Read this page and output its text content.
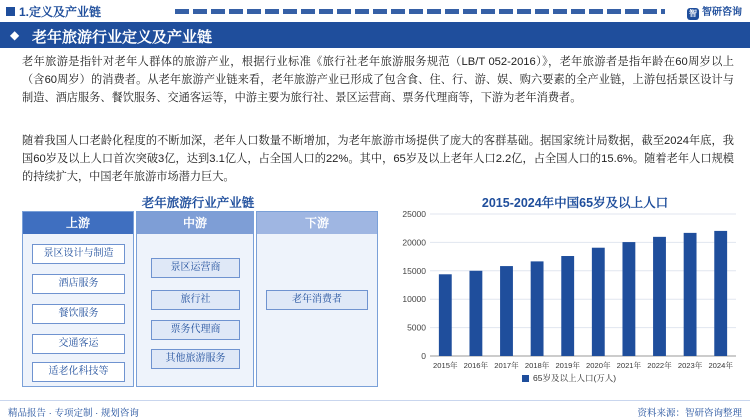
1.定义及产业链	智 智研咨询
◆ 老年旅游行业定义及产业链
老年旅游是指针对老年人群体的旅游产业，根据行业标准《旅行社老年旅游服务规范（LB/T 052-2016）》，老年旅游者是指年龄在60周岁以上（含60周岁）的消费者。从老年旅游产业链来看，老年旅游产业已形成了包含食、住、行、游、娱、购六要素的全产业链，上游包括景区设计与制造、酒店服务、餐饮服务、交通客运等，中游主要为旅行社、景区运营商、票务代理商等，下游为老年消费者。
随着我国人口老龄化程度的不断加深，老年人口数量不断增加，为老年旅游市场提供了庞大的客群基础。据国家统计局数据，截至2024年底，我国60岁及以上人口首次突破3亿，达到3.1亿人，占全国人口的22%。其中，65岁及以上老年人口2.2亿，占全国人口的15.6%。随着老年人口规模的持续扩大，中国老年旅游市场潜力巨大。
老年旅游行业产业链	2015-2024年中国65岁及以上人口
上游
景区设计与制造
酒店服务
餐饮服务
交通客运
适老化科技等
中游
景区运营商
旅行社
票务代理商
其他旅游服务
下游
老年消费者
0
5000
10000
15000
20000
25000
2015年 2016年 2017年 2018年 2019年 2020年 2021年 2022年 2023年 2024年
65岁及以上人口(万人)
精品报告 · 专项定制 · 规划咨询	资料来源：智研咨询整理
